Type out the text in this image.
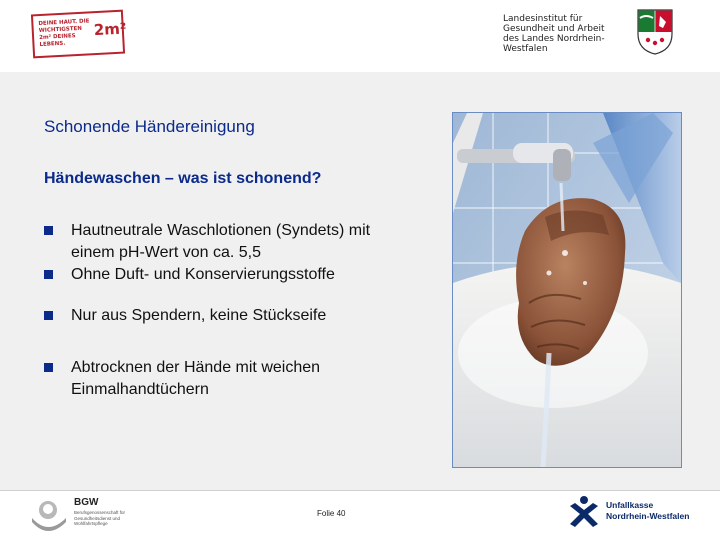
DEINE HAUT. DIE WICHTIGSTEN 2m² DEINES LEBENS.
2m²
Landesinstitut für
Gesundheit und Arbeit
des Landes Nordrhein-Westfalen
Schonende Händereinigung
Händewaschen – was ist schonend?
Hautneutrale Waschlotionen (Syndets) mit einem pH-Wert von ca. 5,5
Ohne Duft- und Konservierungsstoffe
Nur aus Spendern, keine Stückseife
Abtrocknen der Hände mit weichen Einmalhandtüchern
BGW
Berufsgenossenschaft für Gesundheitsdienst und Wohlfahrtspflege
Folie 40
Unfallkasse
Nordrhein-Westfalen
